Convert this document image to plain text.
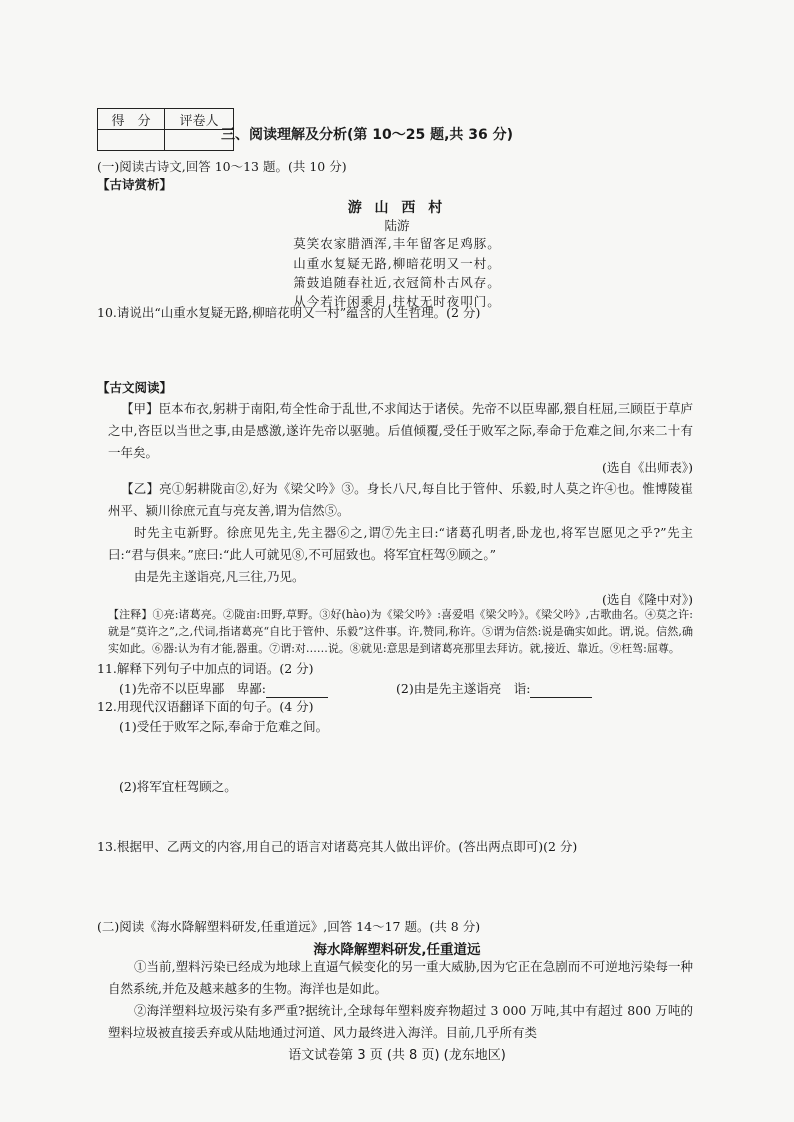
得　分	评卷人

三、阅读理解及分析(第 10～25 题,共 36 分)
(一)阅读古诗文,回答 10～13 题。(共 10 分)
【古诗赏析】
游 山 西 村
陆游
莫笑农家腊酒浑,丰年留客足鸡豚。
山重水复疑无路,柳暗花明又一村。
箫鼓追随春社近,衣冠简朴古风存。
从今若许闲乘月,拄杖无时夜叩门。
10.请说出“山重水复疑无路,柳暗花明又一村”蕴含的人生哲理。(2 分)
【古文阅读】
【甲】臣本布衣,躬耕于南阳,苟全性命于乱世,不求闻达于诸侯。先帝不以臣卑鄙,猥自枉屈,三顾臣于草庐之中,咨臣以当世之事,由是感激,遂许先帝以驱驰。后值倾覆,受任于败军之际,奉命于危难之间,尔来二十有一年矣。
(选自《出师表》)
【乙】亮①躬耕陇亩②,好为《梁父吟》③。身长八尺,每自比于管仲、乐毅,时人莫之许④也。惟博陵崔州平、颍川徐庶元直与亮友善,谓为信然⑤。
时先主屯新野。徐庶见先主,先主器⑥之,谓⑦先主曰:“诸葛孔明者,卧龙也,将军岂愿见之乎?”先主曰:“君与俱来。”庶曰:“此人可就见⑧,不可屈致也。将军宜枉驾⑨顾之。”
由是先主遂诣亮,凡三往,乃见。
(选自《隆中对》)
【注释】①亮:诸葛亮。②陇亩:田野,草野。③好(hào)为《梁父吟》:喜爱唱《梁父吟》。《梁父吟》,古歌曲名。④莫之许:就是“莫许之”,之,代词,指诸葛亮“自比于管仲、乐毅”这件事。许,赞同,称许。⑤谓为信然:说是确实如此。谓,说。信然,确实如此。⑥器:认为有才能,器重。⑦谓:对……说。⑧就见:意思是到诸葛亮那里去拜访。就,接近、靠近。⑨枉驾:屈尊。
11.解释下列句子中加点的词语。(2 分)
(1)先帝不以臣卑鄙　卑鄙:	(2)由是先主遂诣亮　诣:
12.用现代汉语翻译下面的句子。(4 分)
(1)受任于败军之际,奉命于危难之间。
(2)将军宜枉驾顾之。
13.根据甲、乙两文的内容,用自己的语言对诸葛亮其人做出评价。(答出两点即可)(2 分)
(二)阅读《海水降解塑料研发,任重道远》,回答 14～17 题。(共 8 分)
海水降解塑料研发,任重道远
①当前,塑料污染已经成为地球上直逼气候变化的另一重大威胁,因为它正在急剧而不可逆地污染每一种自然系统,并危及越来越多的生物。海洋也是如此。
②海洋塑料垃圾污染有多严重?据统计,全球每年塑料废弃物超过 3 000 万吨,其中有超过 800 万吨的塑料垃圾被直接丢弃或从陆地通过河道、风力最终进入海洋。目前,几乎所有类
语文试卷第 3 页 (共 8 页) (龙东地区)
